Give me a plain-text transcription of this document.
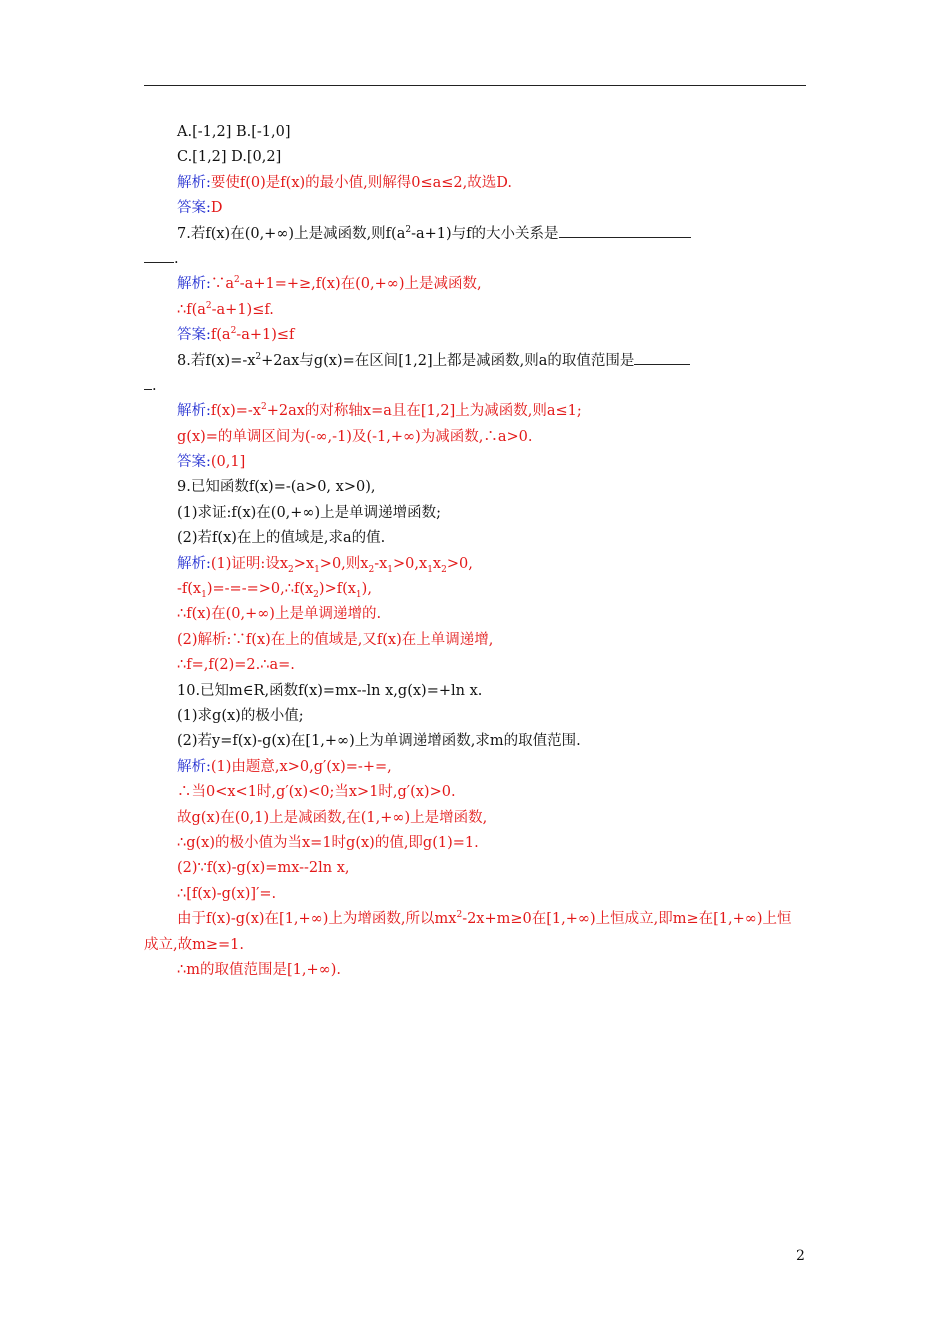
A.[-1,2] B.[-1,0]
C.[1,2] D.[0,2]
解析:要使f(0)是f(x)的最小值,则解得0≤a≤2,故选D.
答案:D
7.若f(x)在(0,+∞)上是减函数,则$f(a^2-a+1)$与f的大小关系是
.
解析$:\because a^2-a+1=+\ge,f(x)$在(0,+∞)上是减函数,
$\therefore f(a^2-a+1)\le f$.
答案$:f(a^2-a+1)\le f$
8.若$f(x)=-x^2+2ax$与g(x)=在区间[1,2]上都是减函数,则a的取值范围是
.
解析$:f(x)=-x^2+2ax$的对称轴x=a且在[1,2]上为减函数,则a≤1;
g(x)=的单调区间为(-∞,-1)及(-1,+∞)为减函数,∴a>0.
答案:(0,1]
9.已知函数f(x)=-(a>0, x>0),
(1)求证:f(x)在(0,+∞)上是单调递增函数;
(2)若f(x)在上的值域是,求a的值.
解析:(1)证明:设$x_2>x_1>0$,则$x_2-x_1>0,x_1x_2>0$,
$-f(x_1)=-=-=>0,\therefore f(x_2)>f(x_1)$,
∴f(x)在(0,+∞)上是单调递增的.
(2)解析:∵f(x)在上的值域是,又f(x)在上单调递增,
∴f=,f(2)=2.∴a=.
10.已知m∈R,函数f(x)=mx--ln x,g(x)=+ln x.
(1)求g(x)的极小值;
(2)若y=f(x)-g(x)在[1,+∞)上为单调递增函数,求m的取值范围.
解析:(1)由题意,x>0,g′(x)=-+=,
∴当0<x<1时,g′(x)<0;当x>1时,g′(x)>0.
故g(x)在(0,1)上是减函数,在(1,+∞)上是增函数,
∴g(x)的极小值为当x=1时g(x)的值,即g(1)=1.
(2)∵f(x)-g(x)=mx--2ln x,
∴[f(x)-g(x)]′=.
由于f(x)-g(x)在[1,+∞)上为增函数,所以$mx^2-2x+m\ge 0$在[1,+∞)上恒成立,即m≥在[1,+∞)上恒成立,故m≥=1.
∴m的取值范围是[1,+∞).
2
